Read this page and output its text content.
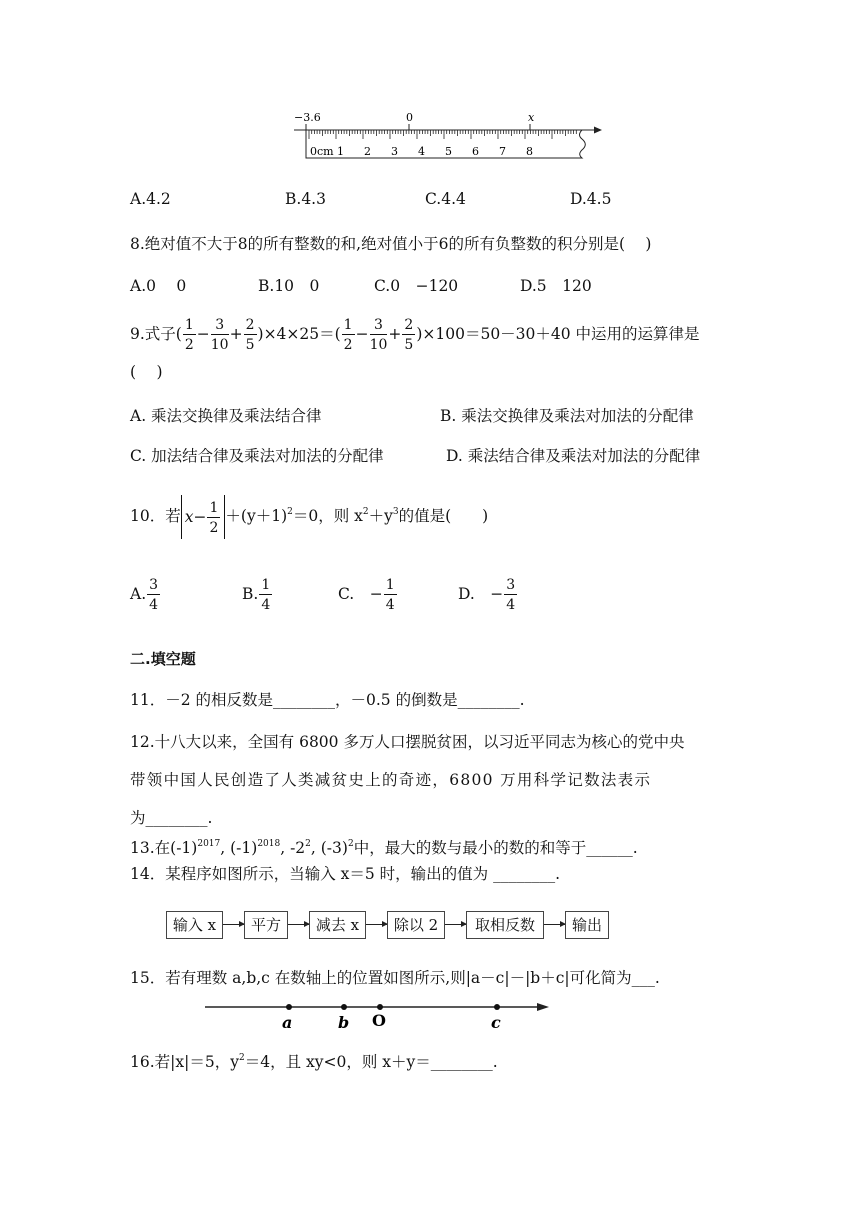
−3.6	0	x
0cm 1 2 3 4 5 6 7 8
A.4.2	B.4.3	C.4.4	D.4.5
8.绝对值不大于8的所有整数的和,绝对值小于6的所有负整数的积分别是(　 )
A.0　 0	B.10　0	C.0　−120	D.5　120
9.式子( $\frac{1}{2} - \frac{3}{10} + \frac{2}{5} )\times 4\times 25=( \frac{1}{2} - \frac{3}{10} + \frac{2}{5} )\times 100=50-30+40$ 中运用的运算律是
(　 )
A. 乘法交换律及乘法结合律	B. 乘法交换律及乘法对加法的分配律
C. 加法结合律及乘法对加法的分配律	D. 乘法结合律及乘法对加法的分配律
10．若 $x- \frac{1}{2} +(y+1)^2=0$，则 $x^2+y^3$的值是(　　)
A. $\frac{3}{4}$	B. $\frac{1}{4}$	C.　− $\frac{1}{4}$	D.　− $\frac{3}{4}$
二.填空题
11．－2 的相反数是________，－0.5 的倒数是________.
12.十八大以来，全国有 6800 多万人口摆脱贫困，以习近平同志为核心的党中央
带领中国人民创造了人类减贫史上的奇迹，6800 万用科学记数法表示
为________.
13.在$(-1)^{2017}$, $(-1)^{2018}$, $-2^2$, $(-3)^2$中，最大的数与最小的数的和等于______.
14．某程序如图所示，当输入 x＝5 时，输出的值为 ________.
输入 x	平方	减去 x	除以 2	取相反数	输出
15．若有理数 a,b,c 在数轴上的位置如图所示,则|a－c|－|b＋c|可化简为___.
a	b O	c
16.若|x|＝5，$y^2=4$，且 xy<0，则 x＋y＝________.
